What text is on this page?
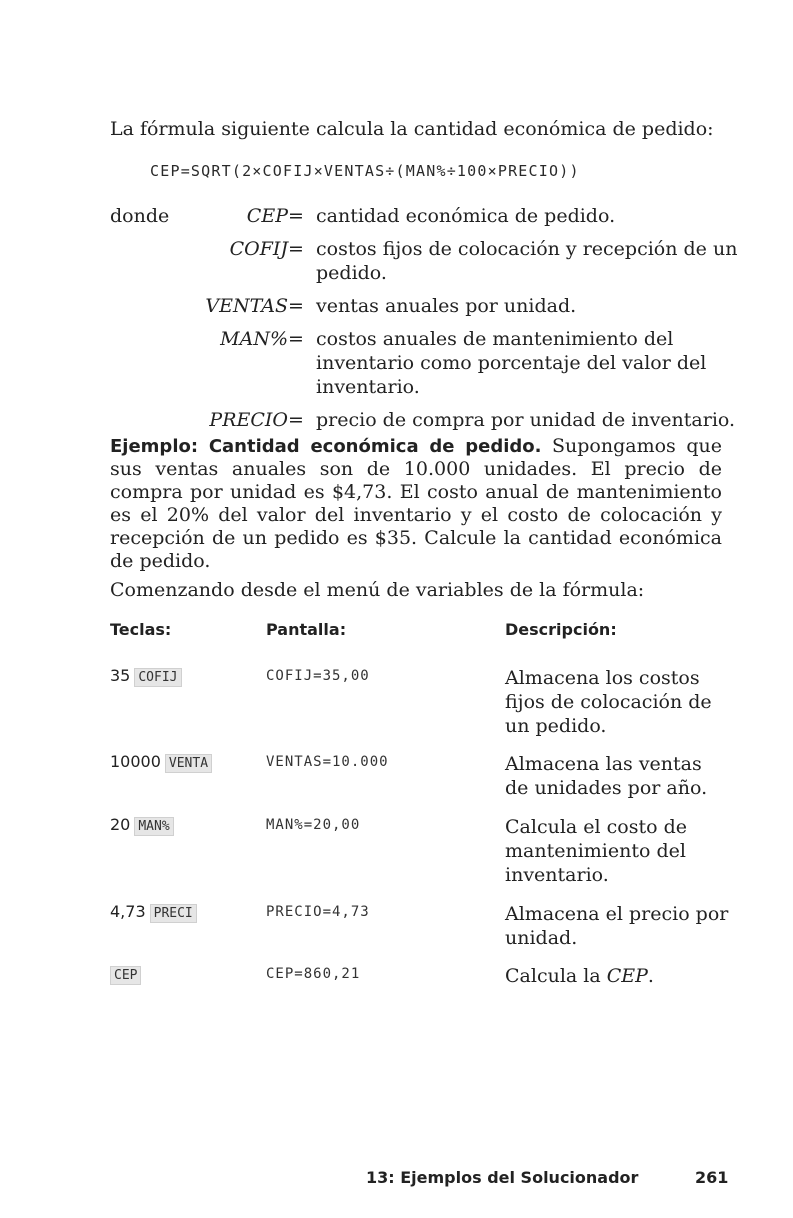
La fórmula siguiente calcula la cantidad económica de pedido:
CEP=SQRT(2×COFIJ×VENTAS÷(MAN%÷100×PRECIO))
donde	CEP = cantidad económica de pedido.
COFIJ = costos fijos de colocación y recepción de un pedido.
VENTAS = ventas anuales por unidad.
MAN% = costos anuales de mantenimiento del inventario como porcentaje del valor del inventario.
PRECIO = precio de compra por unidad de inventario.
Ejemplo: Cantidad económica de pedido. Supongamos que sus ventas anuales son de 10.000 unidades. El precio de compra por unidad es $4,73. El costo anual de mantenimiento es el 20% del valor del inventario y el costo de colocación y recepción de un pedido es $35. Calcule la cantidad económica de pedido.
Comenzando desde el menú de variables de la fórmula:
Teclas:	Pantalla:	Descripción:
35 COFIJ	COFIJ=35,00	Almacena los costos fijos de colocación de un pedido.
10000 VENTA	VENTAS=10.000	Almacena las ventas de unidades por año.
20 MAN%	MAN%=20,00	Calcula el costo de mantenimiento del inventario.
4,73 PRECI	PRECIO=4,73	Almacena el precio por unidad.
CEP	CEP=860,21	Calcula la CEP.
13: Ejemplos del Solucionador	261
